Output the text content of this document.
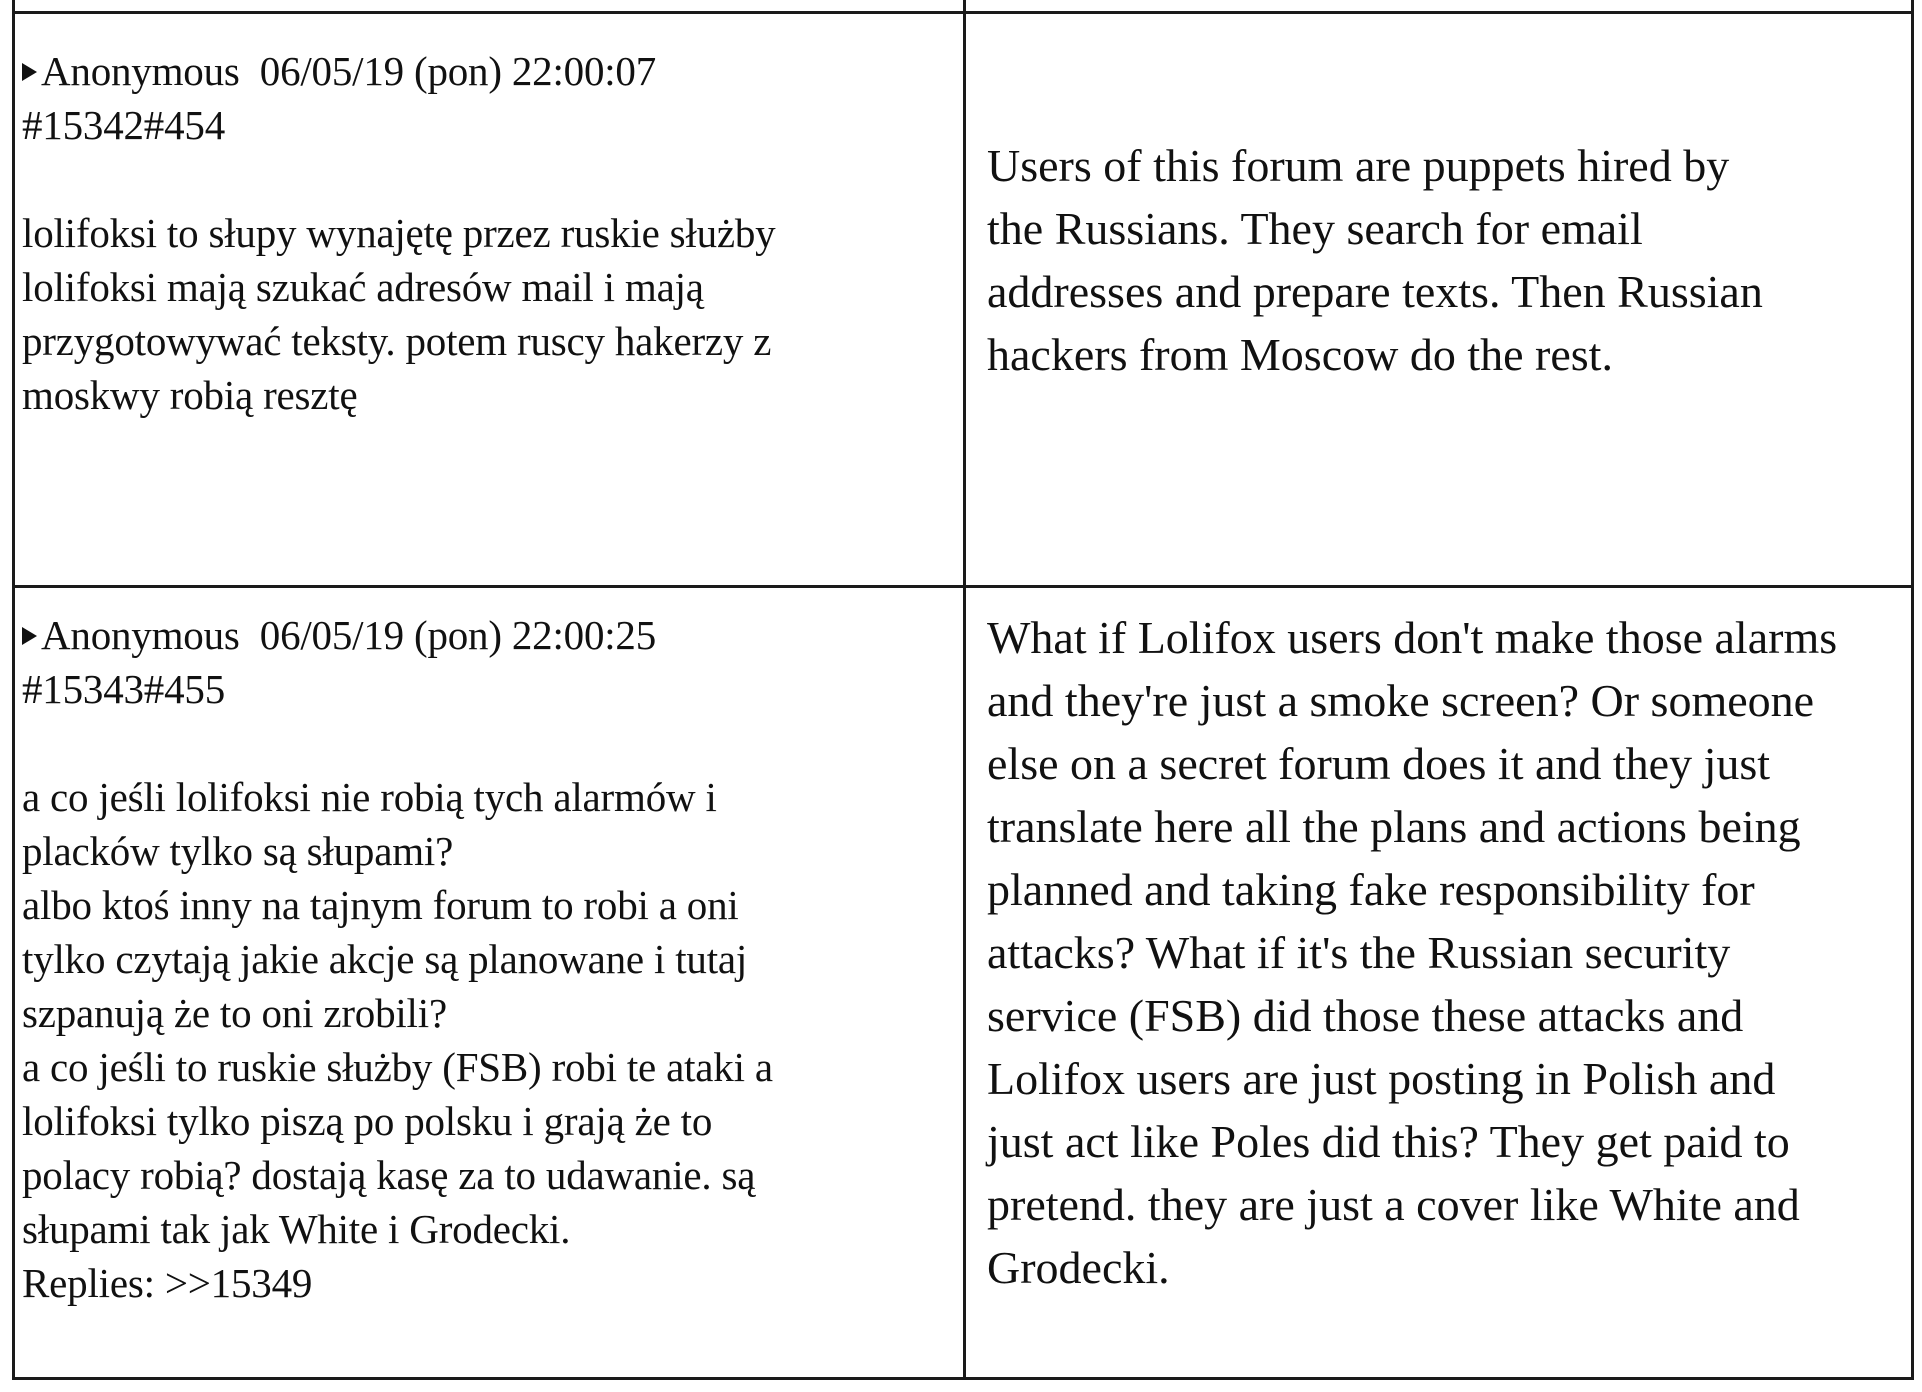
Anonymous 06/05/19 (pon) 22:00:07
#15342#454
lolifoksi to słupy wynajętę przez ruskie służby
lolifoksi mają szukać adresów mail i mają
przygotowywać teksty. potem ruscy hakerzy z
moskwy robią resztę
Users of this forum are puppets hired by
the Russians. They search for email
addresses and prepare texts. Then Russian
hackers from Moscow do the rest.
Anonymous 06/05/19 (pon) 22:00:25
#15343#455
a co jeśli lolifoksi nie robią tych alarmów i
placków tylko są słupami?
albo ktoś inny na tajnym forum to robi a oni
tylko czytają jakie akcje są planowane i tutaj
szpanują że to oni zrobili?
a co jeśli to ruskie służby (FSB) robi te ataki a
lolifoksi tylko piszą po polsku i grają że to
polacy robią? dostają kasę za to udawanie. są
słupami tak jak White i Grodecki.
Replies: >>15349
What if Lolifox users don't make those alarms
and they're just a smoke screen? Or someone
else on a secret forum does it and they just
translate here all the plans and actions being
planned and taking fake responsibility for
attacks? What if it's the Russian security
service (FSB) did those these attacks and
Lolifox users are just posting in Polish and
just act like Poles did this? They get paid to
pretend. they are just a cover like White and
Grodecki.
